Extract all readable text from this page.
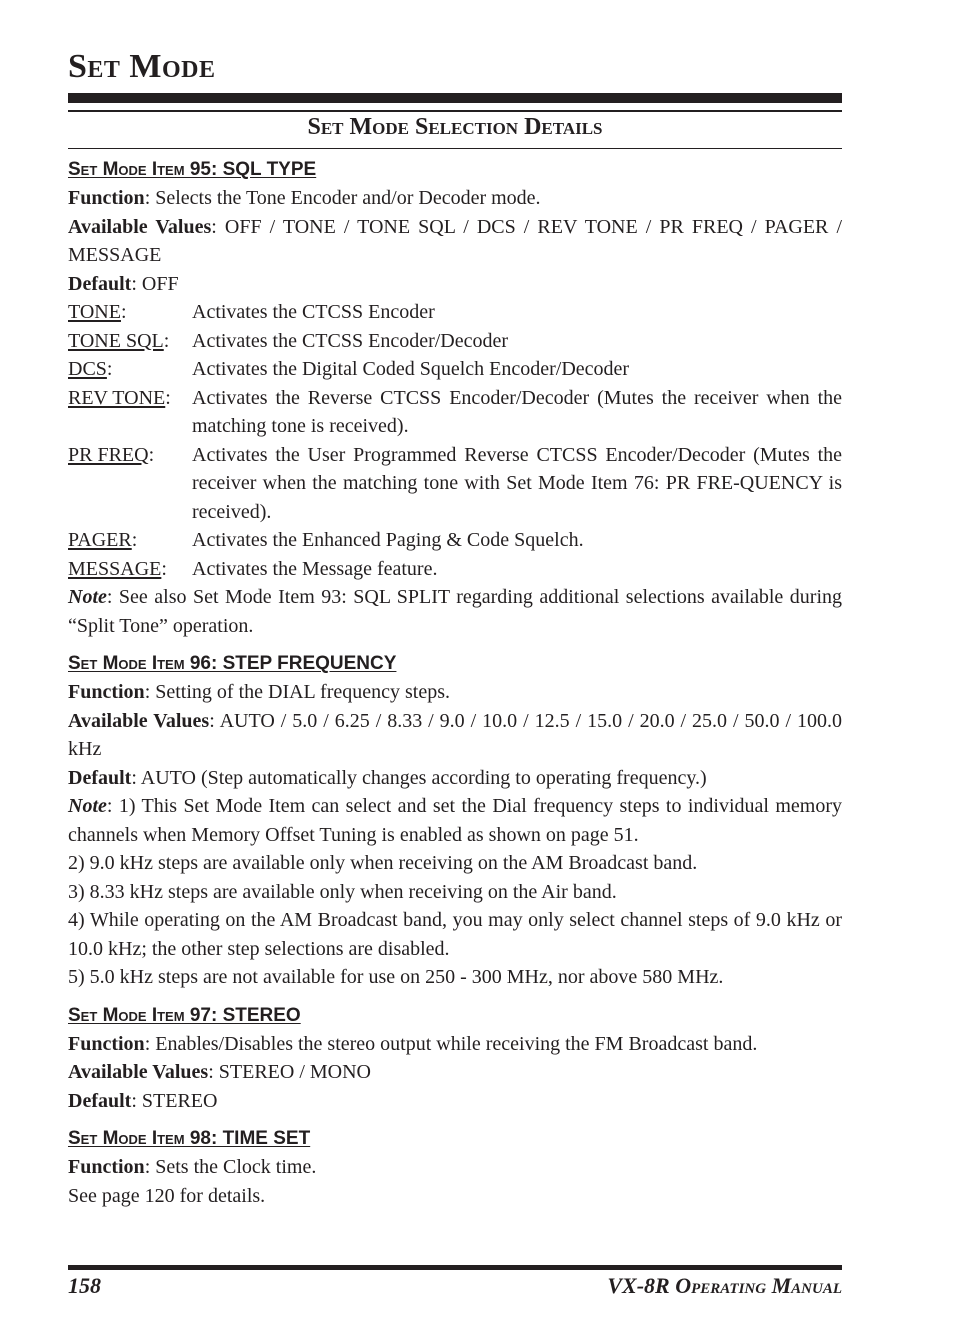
Set Mode
Set Mode Selection Details
Set Mode Item 95: SQL TYPE

Function: Selects the Tone Encoder and/or Decoder mode.

Available Values: OFF / TONE / TONE SQL / DCS / REV TONE / PR FREQ / PAGER / MESSAGE

Default: OFF

TONE:	Activates the CTCSS Encoder
TONE SQL:	Activates the CTCSS Encoder/Decoder
DCS:	Activates the Digital Coded Squelch Encoder/Decoder
REV TONE:	Activates the Reverse CTCSS Encoder/Decoder (Mutes the receiver when the matching tone is received).
PR FREQ:	Activates the User Programmed Reverse CTCSS Encoder/Decoder (Mutes the receiver when the matching tone with Set Mode Item 76: PR FRE-QUENCY is received).
PAGER:	Activates the Enhanced Paging & Code Squelch.
MESSAGE:	Activates the Message feature.

Note: See also Set Mode Item 93: SQL SPLIT regarding additional selections available during “Split Tone” operation.

Set Mode Item 96: STEP FREQUENCY

Function: Setting of the DIAL frequency steps.

Available Values: AUTO / 5.0 / 6.25 / 8.33 / 9.0 / 10.0 / 12.5 / 15.0 / 20.0 / 25.0 / 50.0 / 100.0 kHz

Default: AUTO (Step automatically changes according to operating frequency.)

Note: 1) This Set Mode Item can select and set the Dial frequency steps to individual memory channels when Memory Offset Tuning is enabled as shown on page 51.

2) 9.0 kHz steps are available only when receiving on the AM Broadcast band.

3) 8.33 kHz steps are available only when receiving on the Air band.

4) While operating on the AM Broadcast band, you may only select channel steps of 9.0 kHz or 10.0 kHz; the other step selections are disabled.

5) 5.0 kHz steps are not available for use on 250 - 300 MHz, nor above 580 MHz.

Set Mode Item 97: STEREO

Function: Enables/Disables the stereo output while receiving the FM Broadcast band.

Available Values: STEREO / MONO

Default: STEREO

Set Mode Item 98: TIME SET

Function: Sets the Clock time.

See page 120 for details.

158	VX-8R Operating Manual
